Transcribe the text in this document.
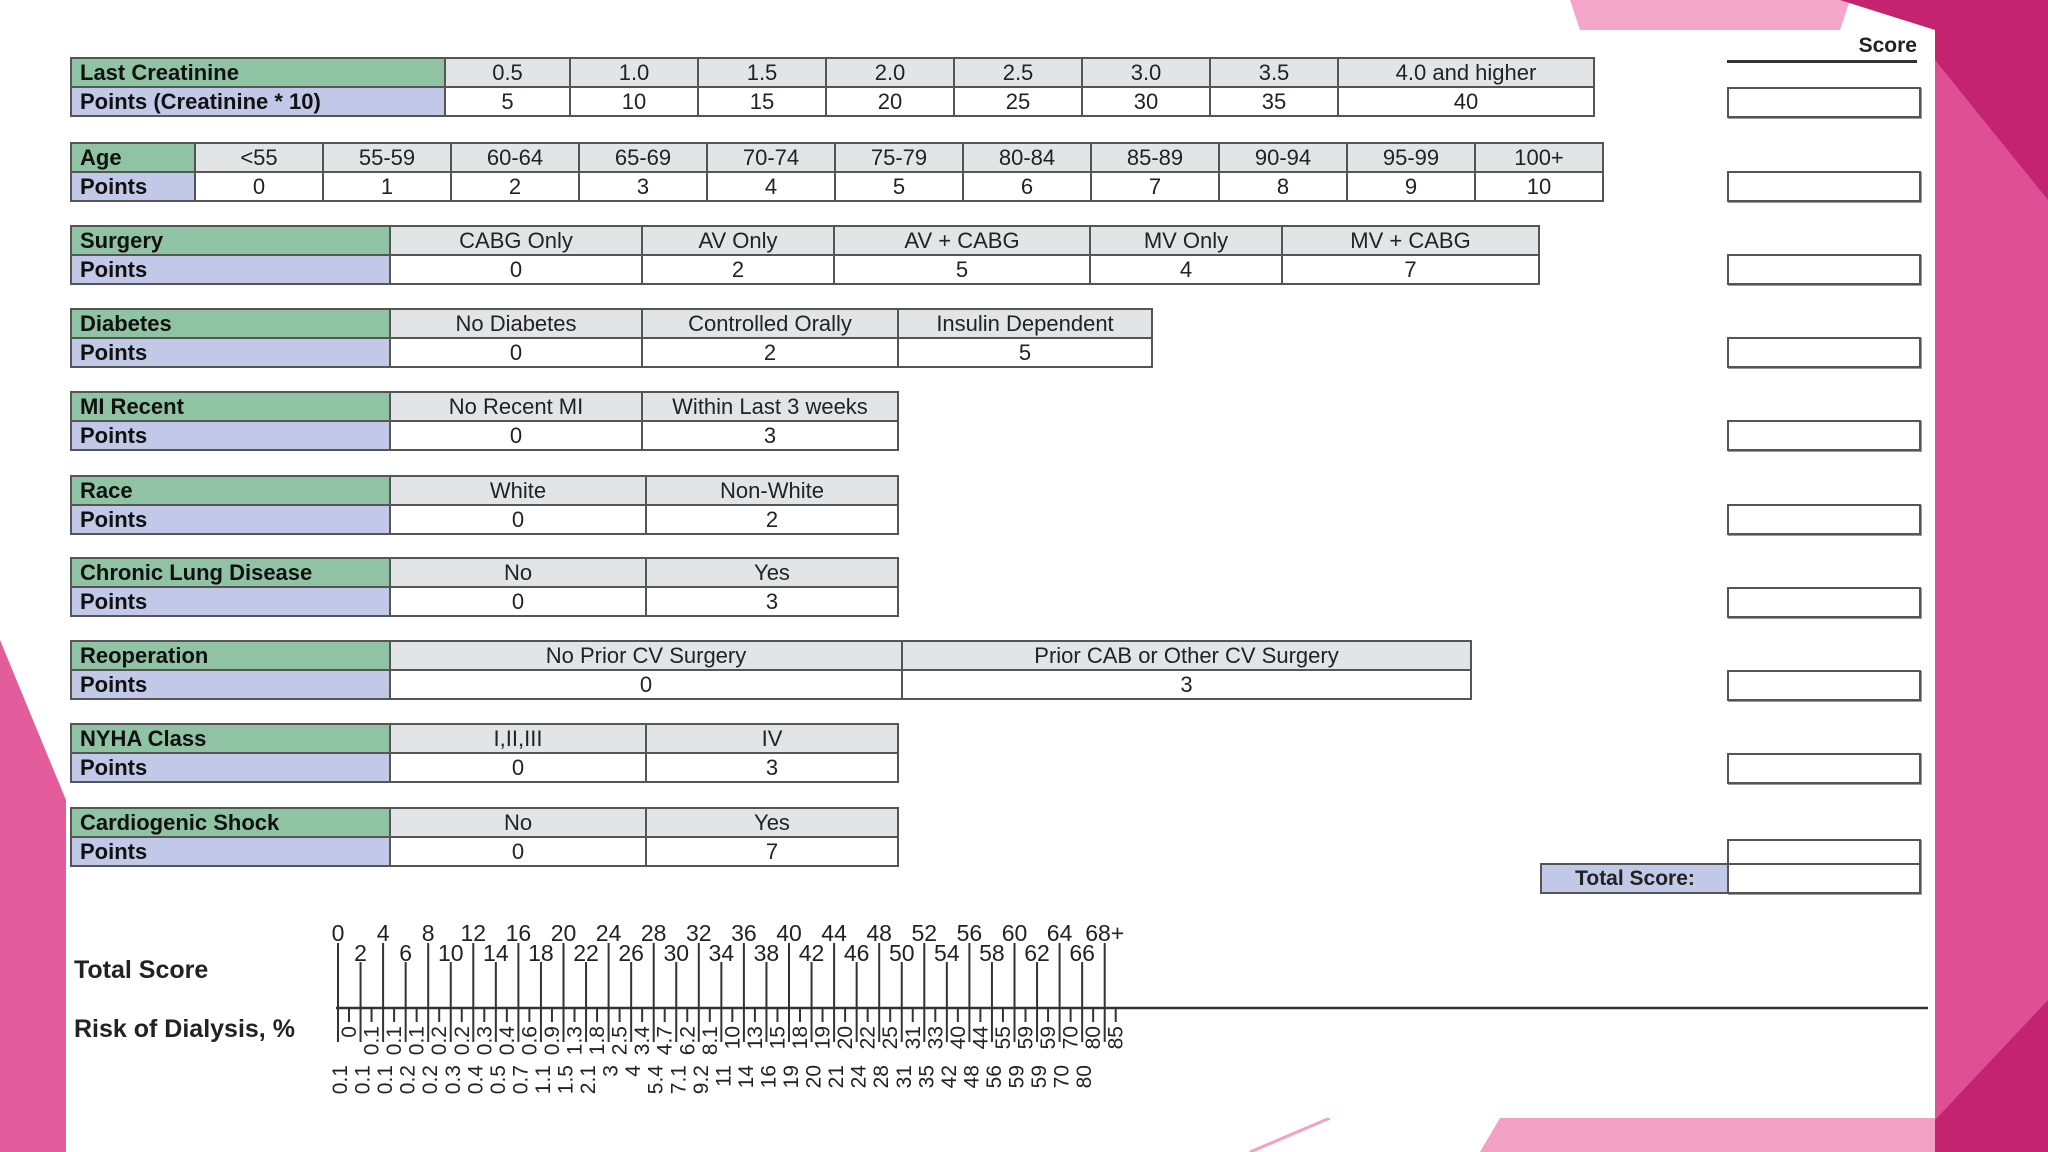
Last Creatinine	0.5	1.0	1.5	2.0	2.5	3.0	3.5	4.0 and higher
Points (Creatinine * 10)	5	10	15	20	25	30	35	40
Age	<55	55-59	60-64	65-69	70-74	75-79	80-84	85-89	90-94	95-99	100+
Points	0	1	2	3	4	5	6	7	8	9	10
Surgery	CABG Only	AV Only	AV + CABG	MV Only	MV + CABG
Points	0	2	5	4	7
Diabetes	No Diabetes	Controlled Orally	Insulin Dependent
Points	0	2	5
MI Recent	No Recent MI	Within Last 3 weeks
Points	0	3
Race	White	Non-White
Points	0	2
Chronic Lung Disease	No	Yes
Points	0	3
Reoperation	No Prior CV Surgery	Prior CAB or Other CV Surgery
Points	0	3
NYHA Class	I,II,III	IV
Points	0	3
Cardiogenic Shock	No	Yes
Points	0	7
Score
Total Score:
Total Score
Risk of Dialysis, %
0
2
4
6
8
10
12
14
16
18
20
22
24
26
28
30
32
34
36
38
40
42
44
46
48
50
52
54
56
58
60
62
64
66
68+
0 0.1 0.1 0.1 0.2 0.2 0.3 0.4 0.6 0.9 1.3 1.8 2.5 3.4 4.7 6.2 8.1 10 13 15 18 19 20 22 25 31 33 40 44 55 59 59 70 80 85
0.1 0.1 0.1 0.2 0.2 0.3 0.4 0.5 0.7 1.1 1.5 2.1 3 4 5.4 7.1 9.2 11 14 16 19 20 21 24 28 31 35 42 48 56 59 59 70 80
